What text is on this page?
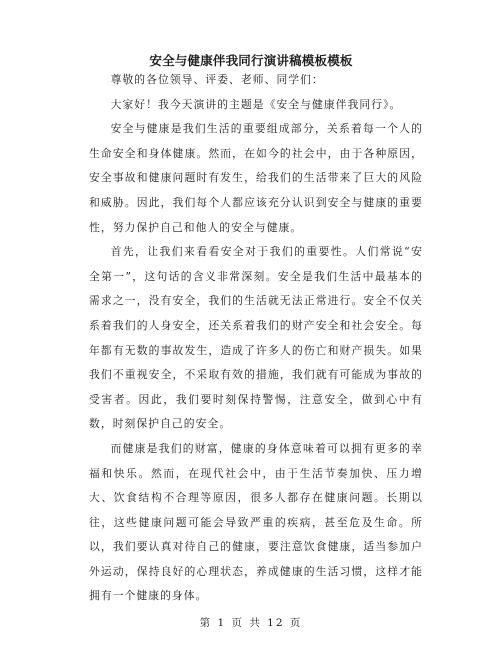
安全与健康伴我同行演讲稿模板模板

尊敬的各位领导、评委、老师、同学们：

大家好！我今天演讲的主题是《安全与健康伴我同行》。

安全与健康是我们生活的重要组成部分，关系着每一个人的生命安全和身体健康。然而，在如今的社会中，由于各种原因，安全事故和健康问题时有发生，给我们的生活带来了巨大的风险和威胁。因此，我们每个人都应该充分认识到安全与健康的重要性，努力保护自己和他人的安全与健康。

首先，让我们来看看安全对于我们的重要性。人们常说“安全第一”，这句话的含义非常深刻。安全是我们生活中最基本的需求之一，没有安全，我们的生活就无法正常进行。安全不仅关系着我们的人身安全，还关系着我们的财产安全和社会安全。每年都有无数的事故发生，造成了许多人的伤亡和财产损失。如果我们不重视安全，不采取有效的措施，我们就有可能成为事故的受害者。因此，我们要时刻保持警惕，注意安全，做到心中有数，时刻保护自己的安全。

而健康是我们的财富，健康的身体意味着可以拥有更多的幸福和快乐。然而，在现代社会中，由于生活节奏加快、压力增大、饮食结构不合理等原因，很多人都存在健康问题。长期以往，这些健康问题可能会导致严重的疾病，甚至危及生命。所以，我们要认真对待自己的健康，要注意饮食健康，适当参加户外运动，保持良好的心理状态，养成健康的生活习惯，这样才能拥有一个健康的身体。

第 1 页 共 12 页
